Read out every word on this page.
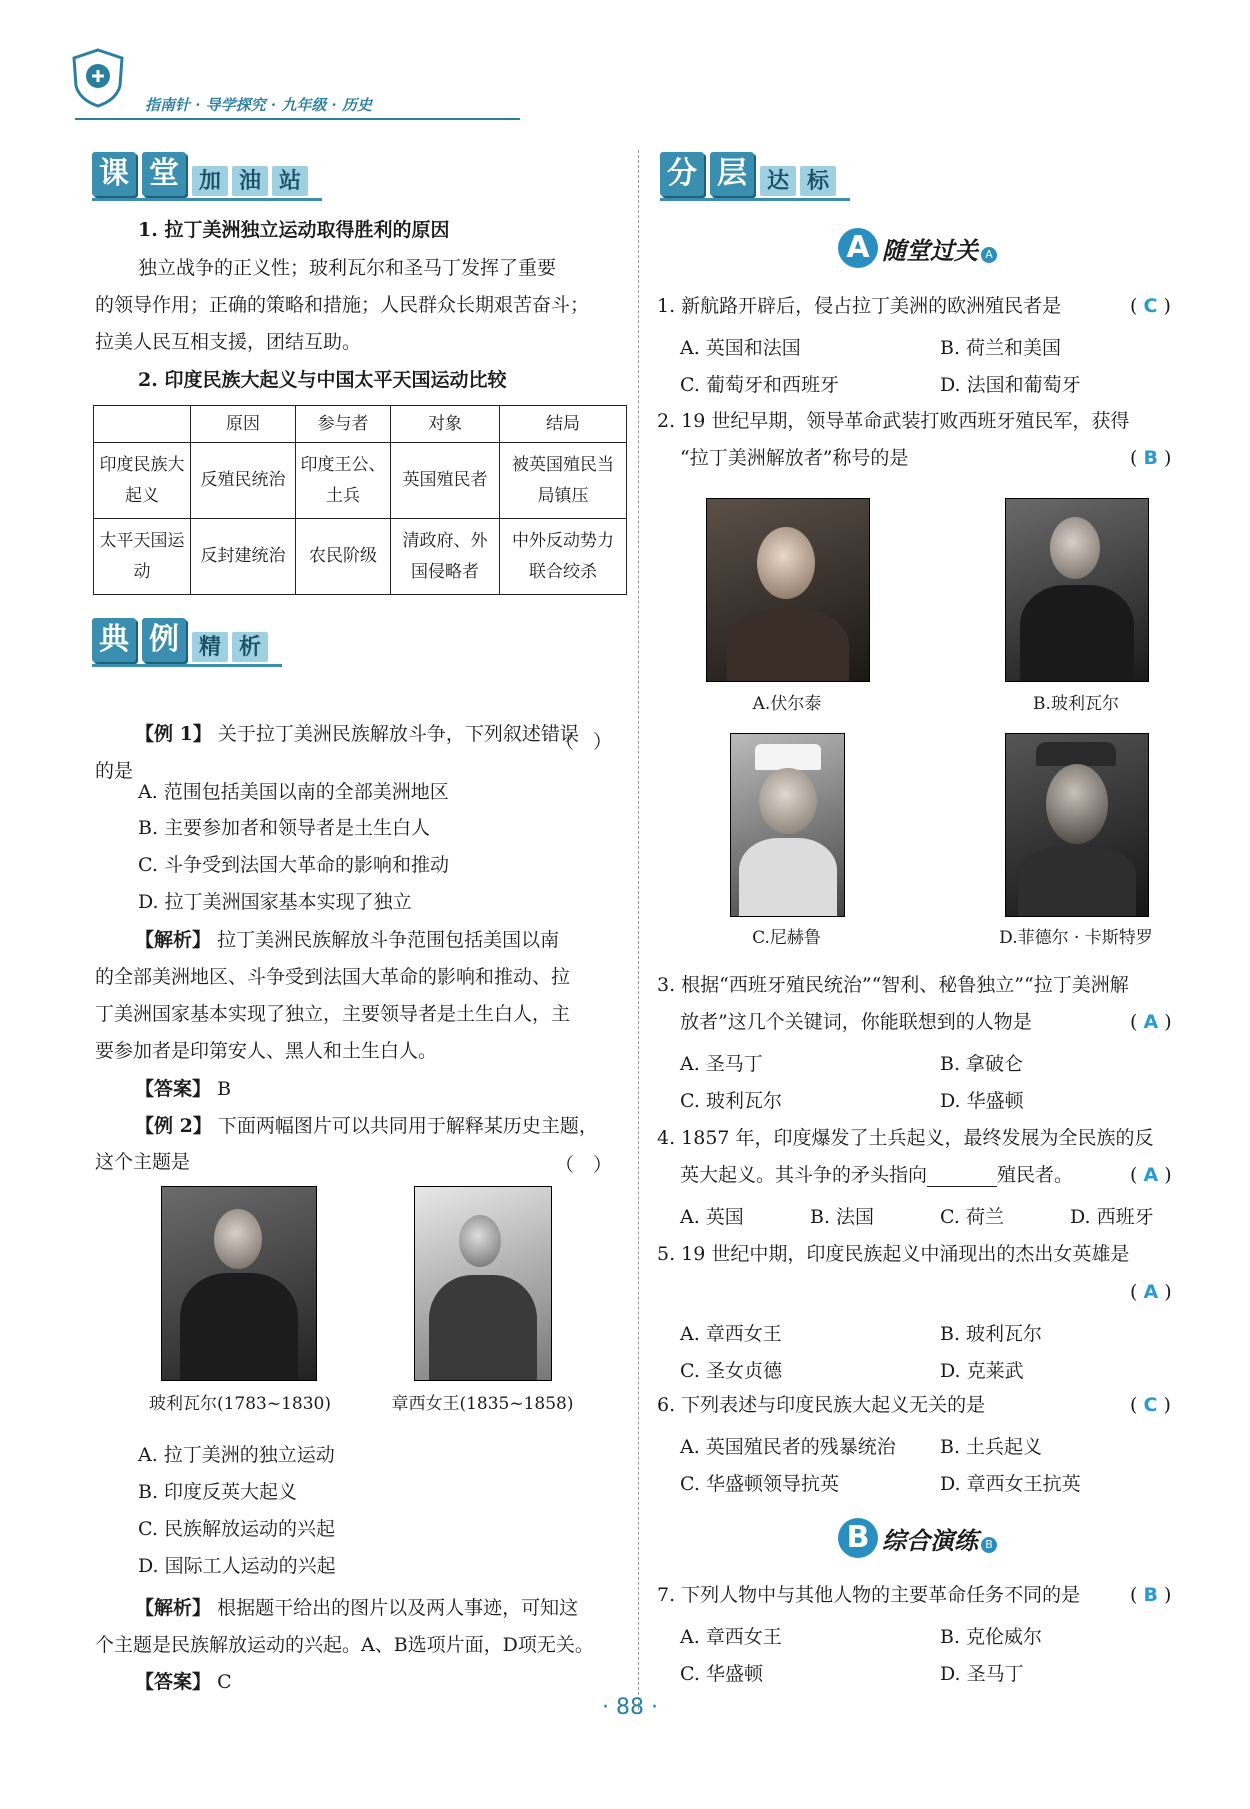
指南针 · 导学探究 · 九年级 · 历史
课 堂 加 油 站
1. 拉丁美洲独立运动取得胜利的原因
独立战争的正义性；玻利瓦尔和圣马丁发挥了重要
的领导作用；正确的策略和措施；人民群众长期艰苦奋斗；
拉美人民互相支援，团结互助。
2. 印度民族大起义与中国太平天国运动比较
	原因	参与者	对象	结局
印度民族大起义	反殖民统治	印度王公、土兵	英国殖民者	被英国殖民当局镇压
太平天国运动	反封建统治	农民阶级	清政府、外国侵略者	中外反动势力联合绞杀
典 例 精 析
【例 1】 关于拉丁美洲民族解放斗争，下列叙述错误
的是
（　）
A. 范围包括美国以南的全部美洲地区
B. 主要参加者和领导者是土生白人
C. 斗争受到法国大革命的影响和推动
D. 拉丁美洲国家基本实现了独立
【解析】 拉丁美洲民族解放斗争范围包括美国以南
的全部美洲地区、斗争受到法国大革命的影响和推动、拉
丁美洲国家基本实现了独立，主要领导者是土生白人，主
要参加者是印第安人、黑人和土生白人。
【答案】 B
【例 2】 下面两幅图片可以共同用于解释某历史主题，
这个主题是	（　）
玻利瓦尔(1783~1830)	章西女王(1835~1858)
A. 拉丁美洲的独立运动
B. 印度反英大起义
C. 民族解放运动的兴起
D. 国际工人运动的兴起
【解析】 根据题干给出的图片以及两人事迹，可知这
个主题是民族解放运动的兴起。A、B选项片面，D项无关。
【答案】 C
分 层 达 标
A 随堂过关 A
1. 新航路开辟后，侵占拉丁美洲的欧洲殖民者是	( C )
A. 英国和法国	B. 荷兰和美国
C. 葡萄牙和西班牙	D. 法国和葡萄牙
2. 19 世纪早期，领导革命武装打败西班牙殖民军，获得
“拉丁美洲解放者”称号的是	( B )
A.伏尔泰	B.玻利瓦尔
C.尼赫鲁	D.菲德尔 · 卡斯特罗
3. 根据“西班牙殖民统治”“智利、秘鲁独立”“拉丁美洲解
放者”这几个关键词，你能联想到的人物是	( A )
A. 圣马丁	B. 拿破仑
C. 玻利瓦尔	D. 华盛顿
4. 1857 年，印度爆发了土兵起义，最终发展为全民族的反
英大起义。其斗争的矛头指向	殖民者。	( A )
A. 英国	B. 法国	C. 荷兰	D. 西班牙
5. 19 世纪中期，印度民族起义中涌现出的杰出女英雄是
( A )
A. 章西女王	B. 玻利瓦尔
C. 圣女贞德	D. 克莱武
6. 下列表述与印度民族大起义无关的是	( C )
A. 英国殖民者的残暴统治 B. 土兵起义
C. 华盛顿领导抗英	D. 章西女王抗英
B 综合演练 B
7. 下列人物中与其他人物的主要革命任务不同的是	( B )
A. 章西女王	B. 克伦威尔
C. 华盛顿	D. 圣马丁
· 88 ·
